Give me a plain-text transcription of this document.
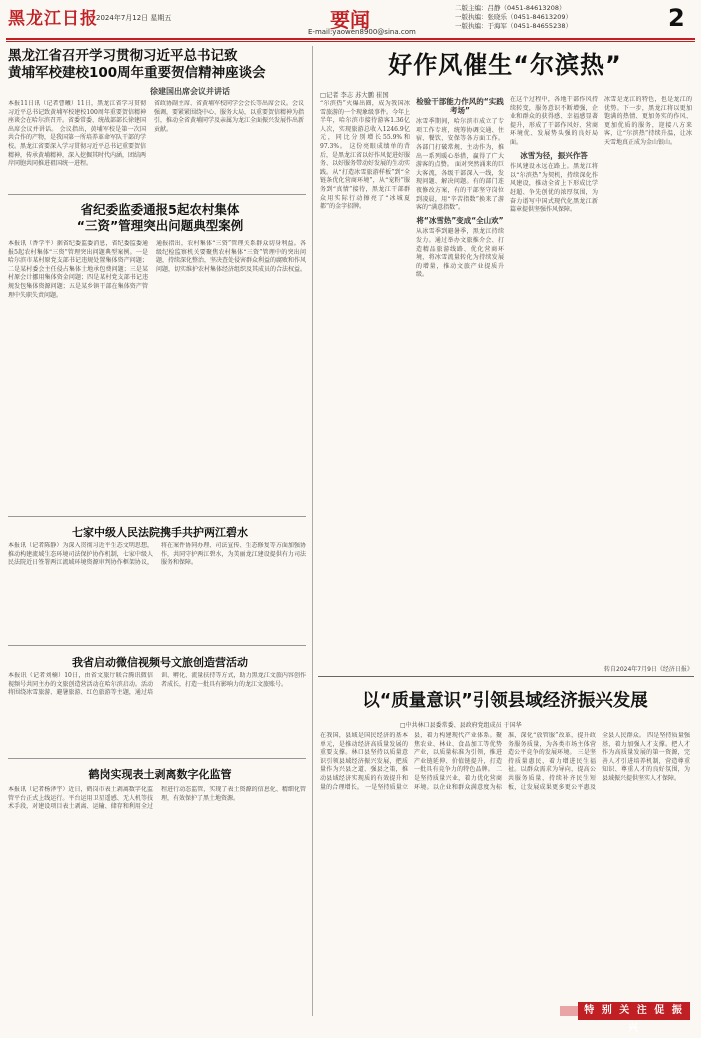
黑龙江日报
2024年7月12日 星期五	要闻
E-mail:yaowen8900@sina.com
二版主编：吕静（0451-84613208）
一版执编：张晓乐（0451-84613209）
一版执编：于海军（0451-84655238）	2
黑龙江省召开学习贯彻习近平总书记致
黄埔军校建校100周年重要贺信精神座谈会
徐建国出席会议并讲话
本报11日讯（记者曹曦）11日，黑龙江省学习贯彻习近平总书记致黄埔军校建校100周年重要贺信精神座谈会在哈尔滨召开。省委常委、统战部部长徐建国出席会议并讲话。 会议指出，黄埔军校是第一次国共合作的产物，是我国第一所培养革命军队干部的学校。黑龙江省要深入学习贯彻习近平总书记重要贺信精神，传承黄埔精神，深入挖掘其时代内涵，团结两岸同胞共同推进祖国统一进程。
省政协副主席、省黄埔军校同学会会长等出席会议。会议强调，要紧紧围绕中心、服务大局，以重要贺信精神为指引，推动全省黄埔同学及亲属为龙江全面振兴发展作出新贡献。
省纪委监委通报5起农村集体
“三资”管理突出问题典型案例
本报讯（香学平）据省纪委监委消息，省纪委监委通报5起农村集体“三资”管理突出问题典型案例。一是哈尔滨市某村原党支部书记违规处置集体资产问题；二是某村委会主任侵占集体土地承包费问题；三是某村原会计挪用集体资金问题；四是某村党支部书记违规发包集体资源问题；五是某乡镇干部在集体资产管理中失职失责问题。
通报指出，农村集体“三资”管理关系群众切身利益。各级纪检监察机关要聚焦农村集体“三资”管理中的突出问题，持续深化整治，坚决查处侵害群众利益的腐败和作风问题，切实维护农村集体经济组织及其成员的合法权益。
七家中级人民法院携手共护两江碧水
本报讯（记者陈静）为深入贯彻习近平生态文明思想，推动构建流域生态环境司法保护协作机制，七家中级人民法院近日签署两江流域环境资源审判协作框架协议，将在案件协同办理、司法宣传、生态修复等方面加强协作，共同守护两江碧水，为美丽龙江建设提供有力司法服务和保障。
我省启动微信视频号文旅创造营活动
本报讯（记者刘楠）10日，由省文旅厅联合腾讯微信视频号共同主办的文旅创造营活动在哈尔滨启动。活动将围绕冰雪旅游、避暑旅游、红色旅游等主题，通过培训、孵化、流量扶持等方式，助力黑龙江文旅内容创作者成长，打造一批具有影响力的龙江文旅账号。
鹤岗实现表土剥离数字化监管
本报讯（记者杨泽宇）近日，鹤岗市表土剥离数字化监管平台正式上线运行。平台运用卫星遥感、无人机等技术手段，对建设项目表土剥离、运输、储存和利用全过程进行动态监管，实现了表土资源的信息化、精细化管理，有效保护了黑土地资源。
好作风催生“尔滨热”
□记者 李志 苏大鹏 崔国
“尔滨热”火爆出圈，成为我国冰雪旅游的一个现象级事件。今年上半年，哈尔滨市接待游客1.36亿人次，实现旅游总收入1246.9亿元，同比分别增长55.9%和97.3%。 这份亮眼成绩单的背后，是黑龙江省以好作风促进好服务、以好服务带动好发展的生动实践。从“打造冰雪旅游样板”到“全链条优化营商环境”，从“宠粉”服务到“真情”接待，黑龙江干部群众用实际行动擦亮了“冰城夏都”的金字招牌。
检验干部能力作风的“实践考场”
冰雪季期间，哈尔滨市成立了专项工作专班，统筹协调交通、住宿、餐饮、安保等各方面工作。各部门打破常规、主动作为，推出一系列暖心举措，赢得了广大游客的点赞。 面对突然涌来的巨大客流，各级干部深入一线，发现问题、解决问题。有的部门连夜修改方案，有的干部坚守岗位到凌晨，用“辛苦指数”换来了游客的“满意指数”。
将“冰雪热”变成“全山欢”
从冰雪季到避暑季，黑龙江持续发力。通过举办文旅推介会、打造精品旅游线路、优化营商环境，将冰雪流量转化为持续发展的增量，推动文旅产业提质升级。
在这个过程中，各地干部作风持续转变，服务意识不断增强，企业和群众的获得感、幸福感显著提升，形成了干部作风好、营商环境优、发展势头强的良好局面。
冰雪为径，振兴作答
作风建设永远在路上。黑龙江将以“尔滨热”为契机，持续深化作风建设，推动全省上下形成比学赶超、争先创优的浓厚氛围，为奋力谱写中国式现代化黑龙江新篇章提供坚强作风保障。
冰雪是龙江的特色，也是龙江的优势。下一步，黑龙江将以更加饱满的热情、更加务实的作风、更加优质的服务，迎接八方来客，让“尔滨热”持续升温，让冰天雪地真正成为金山银山。
转自2024年7月9日《经济日报》
以“质量意识”引领县域经济振兴发展
□中共林口县委常委、县政府党组成员 于国华
在我国，县域是国民经济的基本单元，是推动经济高质量发展的重要支撑。林口县坚持以质量意识引领县域经济振兴发展，把质量作为兴县之道、强县之策，推动县域经济实现质的有效提升和量的合理增长。 一是坚持质量立县，着力构建现代产业体系。聚焦农业、林业、食品加工等优势产业，以质量标准为引领，推进产业链延伸、价值链提升，打造一批具有竞争力的特色品牌。 二是坚持质量兴业，着力优化营商环境。以企业和群众满意度为标准，深化“放管服”改革，提升政务服务质量，为各类市场主体营造公平竞争的发展环境。 三是坚持质量惠民，着力增进民生福祉。以群众需求为导向，提高公共服务质量，持续补齐民生短板，让发展成果更多更公平惠及全县人民群众。 四是坚持质量强基，着力加强人才支撑。把人才作为高质量发展的第一资源，完善人才引进培养机制，营造尊重知识、尊重人才的良好氛围，为县域振兴提供坚实人才保障。
特 别 关 注 促 振 兴
